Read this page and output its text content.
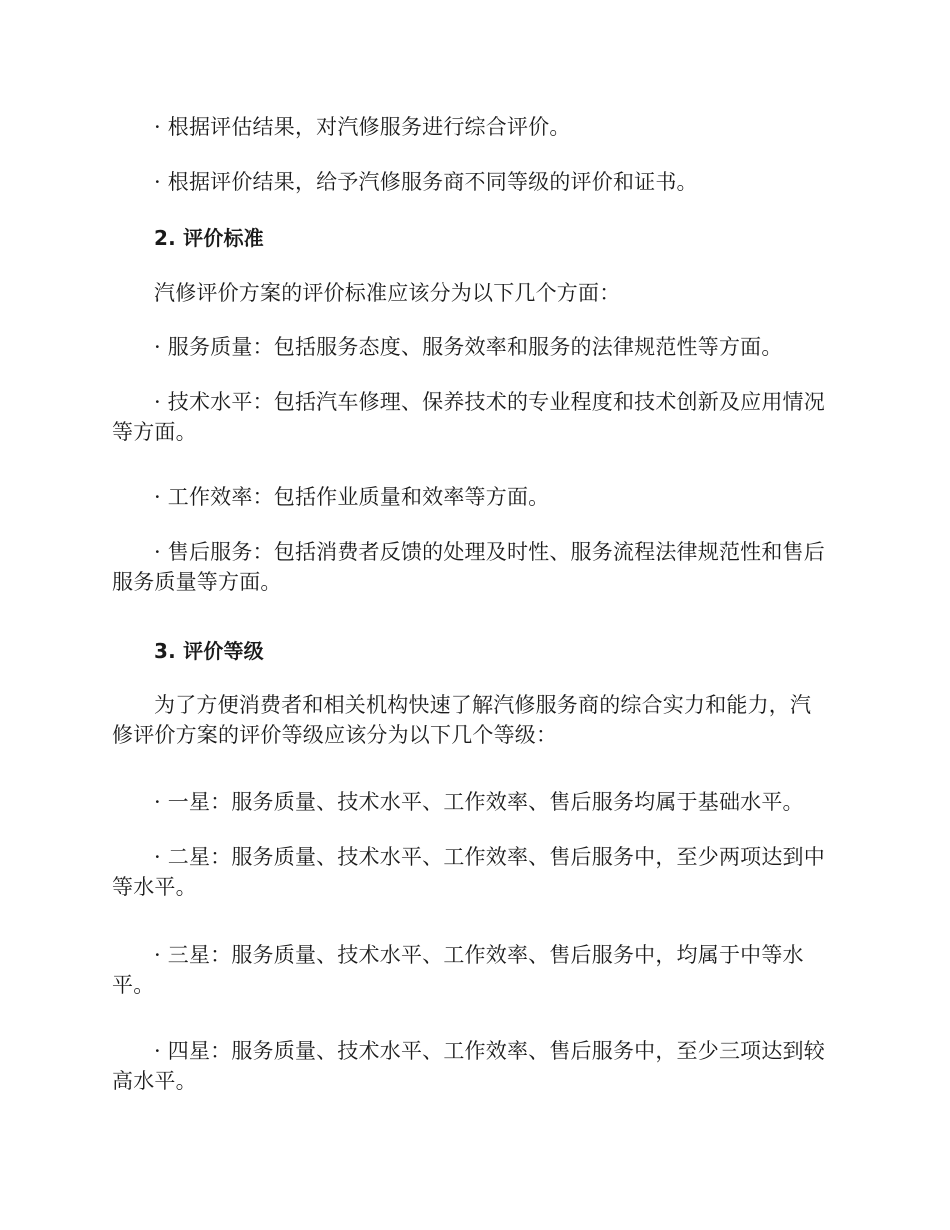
· 根据评估结果，对汽修服务进行综合评价。
· 根据评价结果，给予汽修服务商不同等级的评价和证书。
2. 评价标准
汽修评价方案的评价标准应该分为以下几个方面：
· 服务质量：包括服务态度、服务效率和服务的法律规范性等方面。
· 技术水平：包括汽车修理、保养技术的专业程度和技术创新及应用情况等方面。
· 工作效率：包括作业质量和效率等方面。
· 售后服务：包括消费者反馈的处理及时性、服务流程法律规范性和售后服务质量等方面。
3. 评价等级
为了方便消费者和相关机构快速了解汽修服务商的综合实力和能力，汽修评价方案的评价等级应该分为以下几个等级：
· 一星：服务质量、技术水平、工作效率、售后服务均属于基础水平。
· 二星：服务质量、技术水平、工作效率、售后服务中，至少两项达到中等水平。
· 三星：服务质量、技术水平、工作效率、售后服务中，均属于中等水平。
· 四星：服务质量、技术水平、工作效率、售后服务中，至少三项达到较高水平。
